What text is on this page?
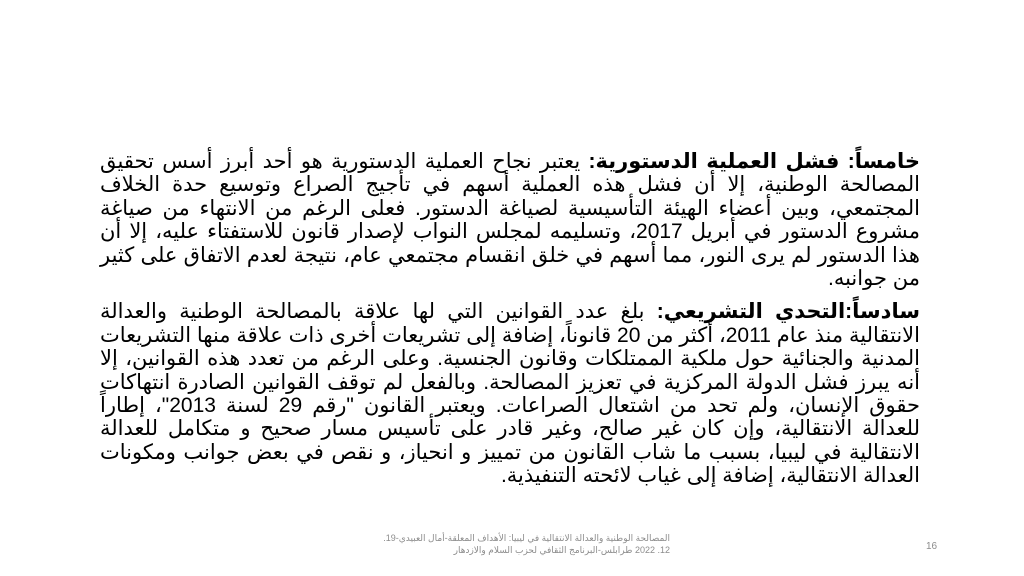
خامساً: فشل العملية الدستورية: يعتبر نجاح العملية الدستورية هو أحد أبرز أسس تحقيق المصالحة الوطنية، إلا أن فشل هذه العملية أسهم في تأجيج الصراع وتوسيع حدة الخلاف المجتمعي، وبين أعضاء الهيئة التأسيسية لصياغة الدستور. فعلى الرغم من الانتهاء من صياغة مشروع الدستور في أبريل 2017، وتسليمه لمجلس النواب لإصدار قانون للاستفتاء عليه، إلا أن هذا الدستور لم يرى النور، مما أسهم في خلق انقسام مجتمعي عام، نتيجة لعدم الاتفاق على كثير من جوانبه.

سادساً:التحدي التشريعي: بلغ عدد القوانين التي لها علاقة بالمصالحة الوطنية والعدالة الانتقالية منذ عام 2011، أكثر من 20 قانوناً، إضافة إلى تشريعات أخرى ذات علاقة منها التشريعات المدنية والجنائية حول ملكية الممتلكات وقانون الجنسية. وعلى الرغم من تعدد هذه القوانين، إلا أنه يبرز فشل الدولة المركزية في تعزيز المصالحة. وبالفعل لم توقف القوانين الصادرة انتهاكات حقوق الإنسان، ولم تحد من اشتعال الصراعات. ويعتبر القانون "رقم 29 لسنة 2013"، إطاراً للعدالة الانتقالية، وإن كان غير صالح، وغير قادر على تأسيس مسار صحيح و متكامل للعدالة الانتقالية في ليبيا، بسبب ما شاب القانون من تمييز و انحياز، و نقص في بعض جوانب ومكونات العدالة الانتقالية، إضافة إلى غياب لائحته التنفيذية.

المصالحة الوطنية والعدالة الانتقالية في ليبيا: الأهداف المعلقة-أمال العبيدي-19.
12. 2022 طرابلس-البرنامج الثقافي لحزب السلام والازدهار	16
